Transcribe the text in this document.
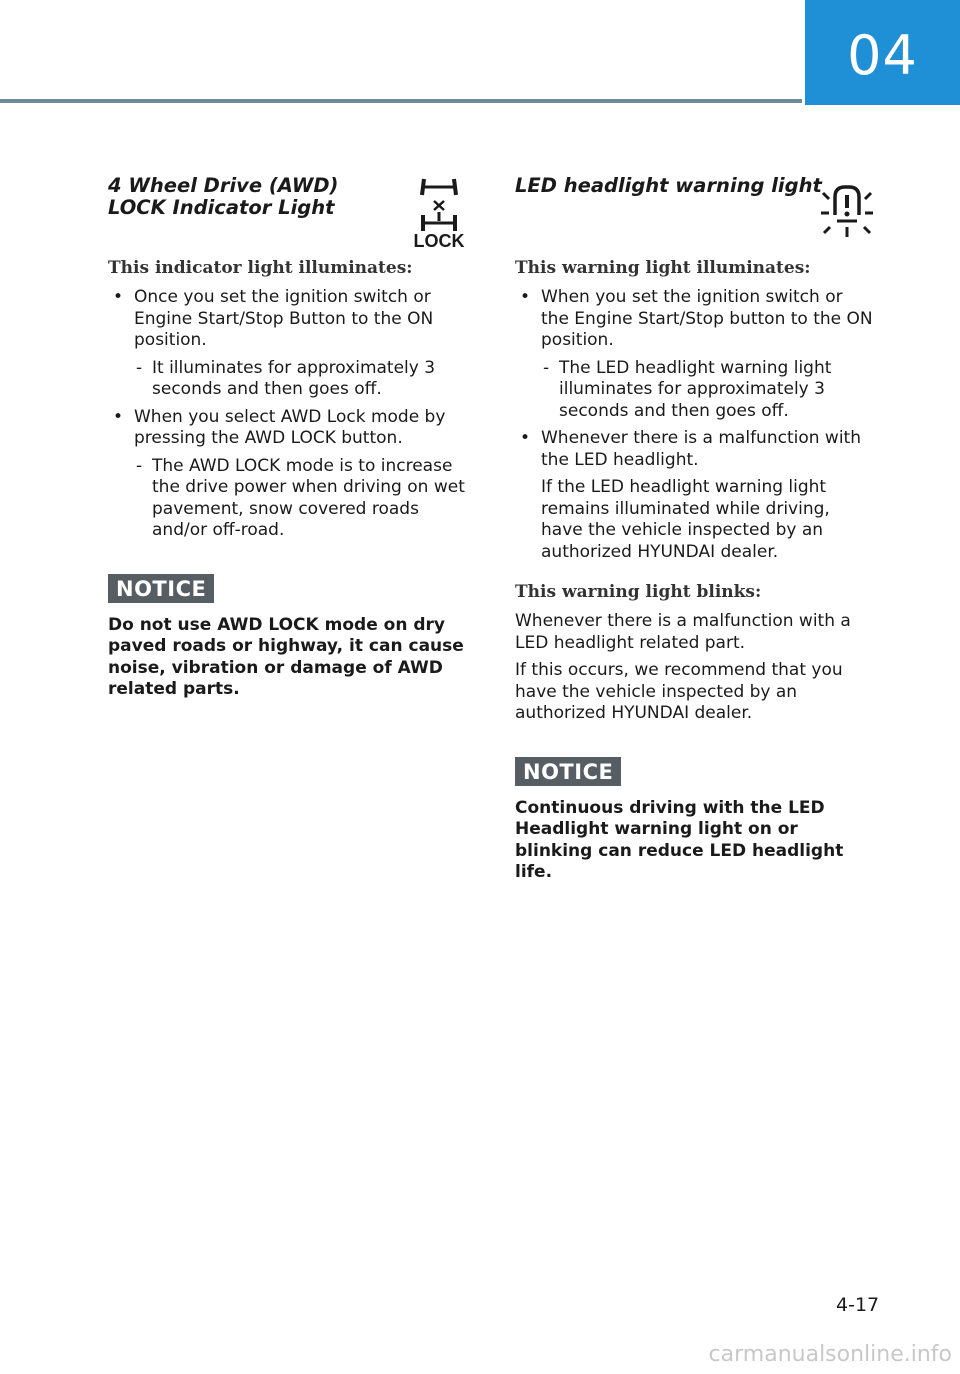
04
4 Wheel Drive (AWD) LOCK Indicator Light
LOCK
This indicator light illuminates:
• Once you set the ignition switch or Engine Start/Stop Button to the ON position.
- It illuminates for approximately 3 seconds and then goes off.
• When you select AWD Lock mode by pressing the AWD LOCK button.
- The AWD LOCK mode is to increase the drive power when driving on wet pavement, snow covered roads and/or off-road.
NOTICE

Do not use AWD LOCK mode on dry paved roads or highway, it can cause noise, vibration or damage of AWD related parts.

LED headlight warning light
This warning light illuminates:
• When you set the ignition switch or the Engine Start/Stop button to the ON position.
- The LED headlight warning light illuminates for approximately 3 seconds and then goes off.
• Whenever there is a malfunction with the LED headlight.

If the LED headlight warning light remains illuminated while driving, have the vehicle inspected by an authorized HYUNDAI dealer.

This warning light blinks:

Whenever there is a malfunction with a LED headlight related part.

If this occurs, we recommend that you have the vehicle inspected by an authorized HYUNDAI dealer.

NOTICE

Continuous driving with the LED Headlight warning light on or blinking can reduce LED headlight life.

4-17
carmanualsonline.info
